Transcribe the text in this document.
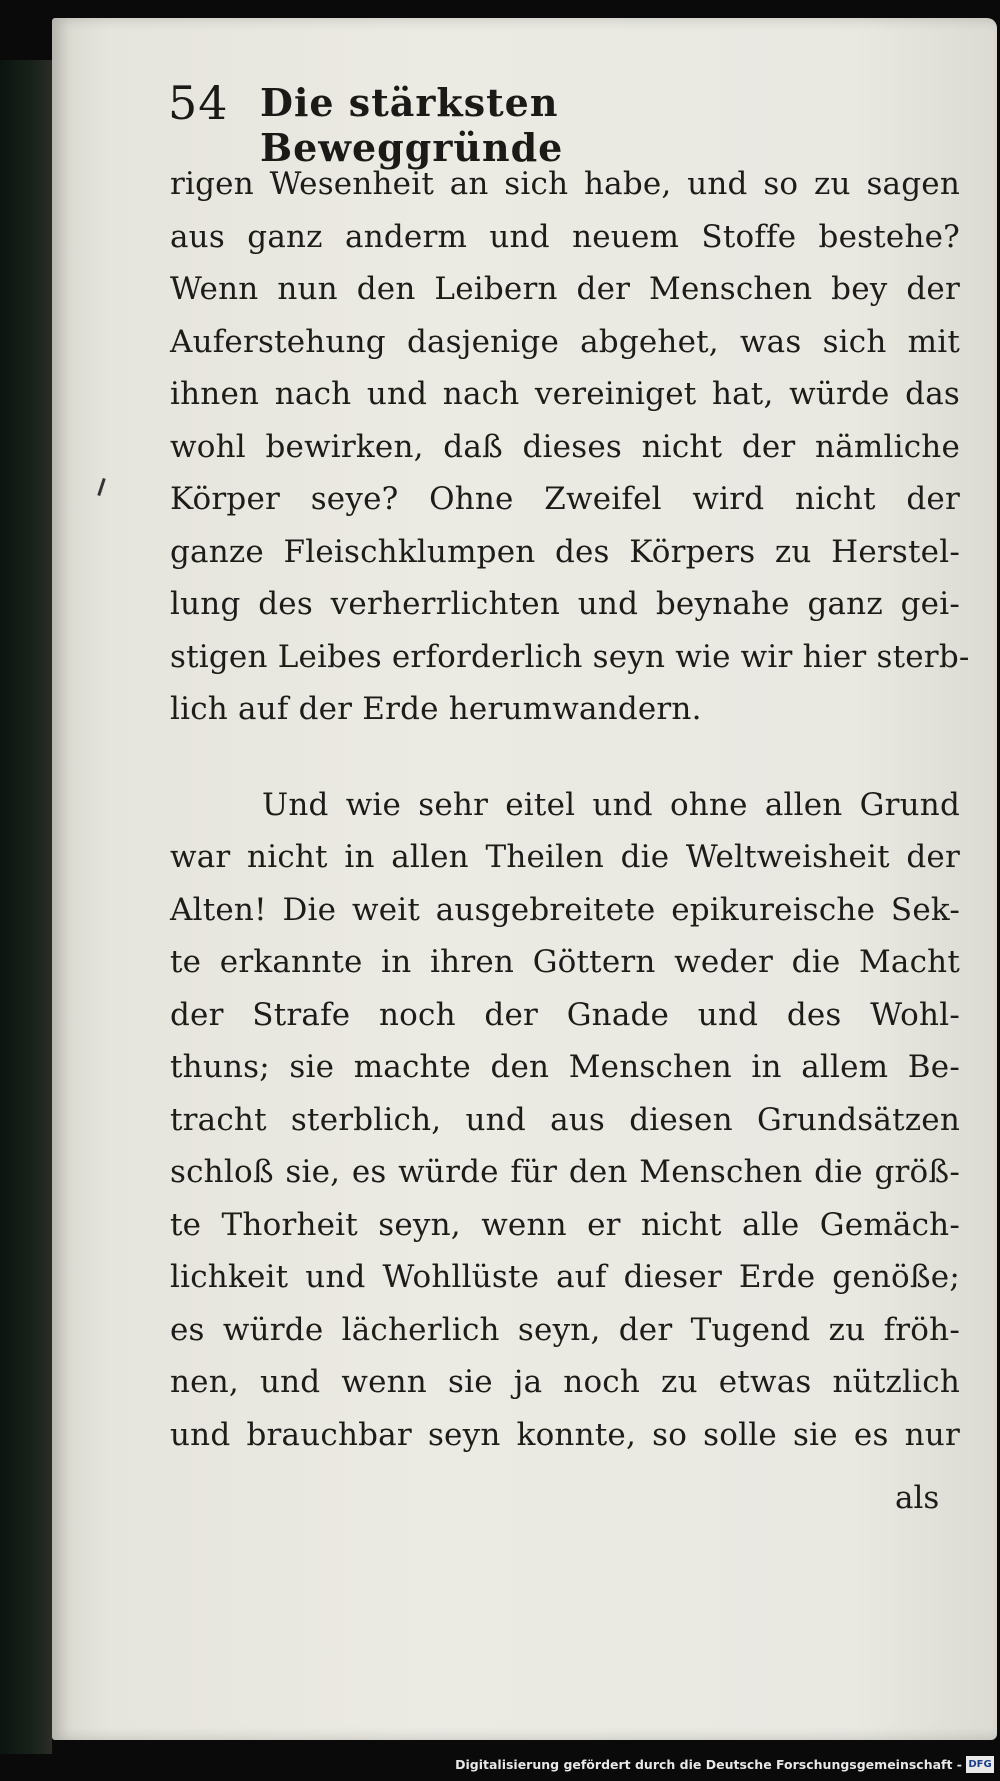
54 Die stärksten Beweggründe
rigen Wesenheit an sich habe, und so zu sagen
aus ganz anderm und neuem Stoffe bestehe?
Wenn nun den Leibern der Menschen bey der
Auferstehung dasjenige abgehet, was sich mit
ihnen nach und nach vereiniget hat, würde das
wohl bewirken, daß dieses nicht der nämliche
Körper seye? Ohne Zweifel wird nicht der
ganze Fleischklumpen des Körpers zu Herstel-
lung des verherrlichten und beynahe ganz gei-
stigen Leibes erforderlich seyn wie wir hier sterb-
lich auf der Erde herumwandern.
Und wie sehr eitel und ohne allen Grund
war nicht in allen Theilen die Weltweisheit der
Alten! Die weit ausgebreitete epikureische Sek-
te erkannte in ihren Göttern weder die Macht
der Strafe noch der Gnade und des Wohl-
thuns; sie machte den Menschen in allem Be-
tracht sterblich, und aus diesen Grundsätzen
schloß sie, es würde für den Menschen die größ-
te Thorheit seyn, wenn er nicht alle Gemäch-
lichkeit und Wohllüste auf dieser Erde genöße;
es würde lächerlich seyn, der Tugend zu fröh-
nen, und wenn sie ja noch zu etwas nützlich
und brauchbar seyn konnte, so solle sie es nur
als
Digitalisierung gefördert durch die Deutsche Forschungsgemeinschaft - DFG
